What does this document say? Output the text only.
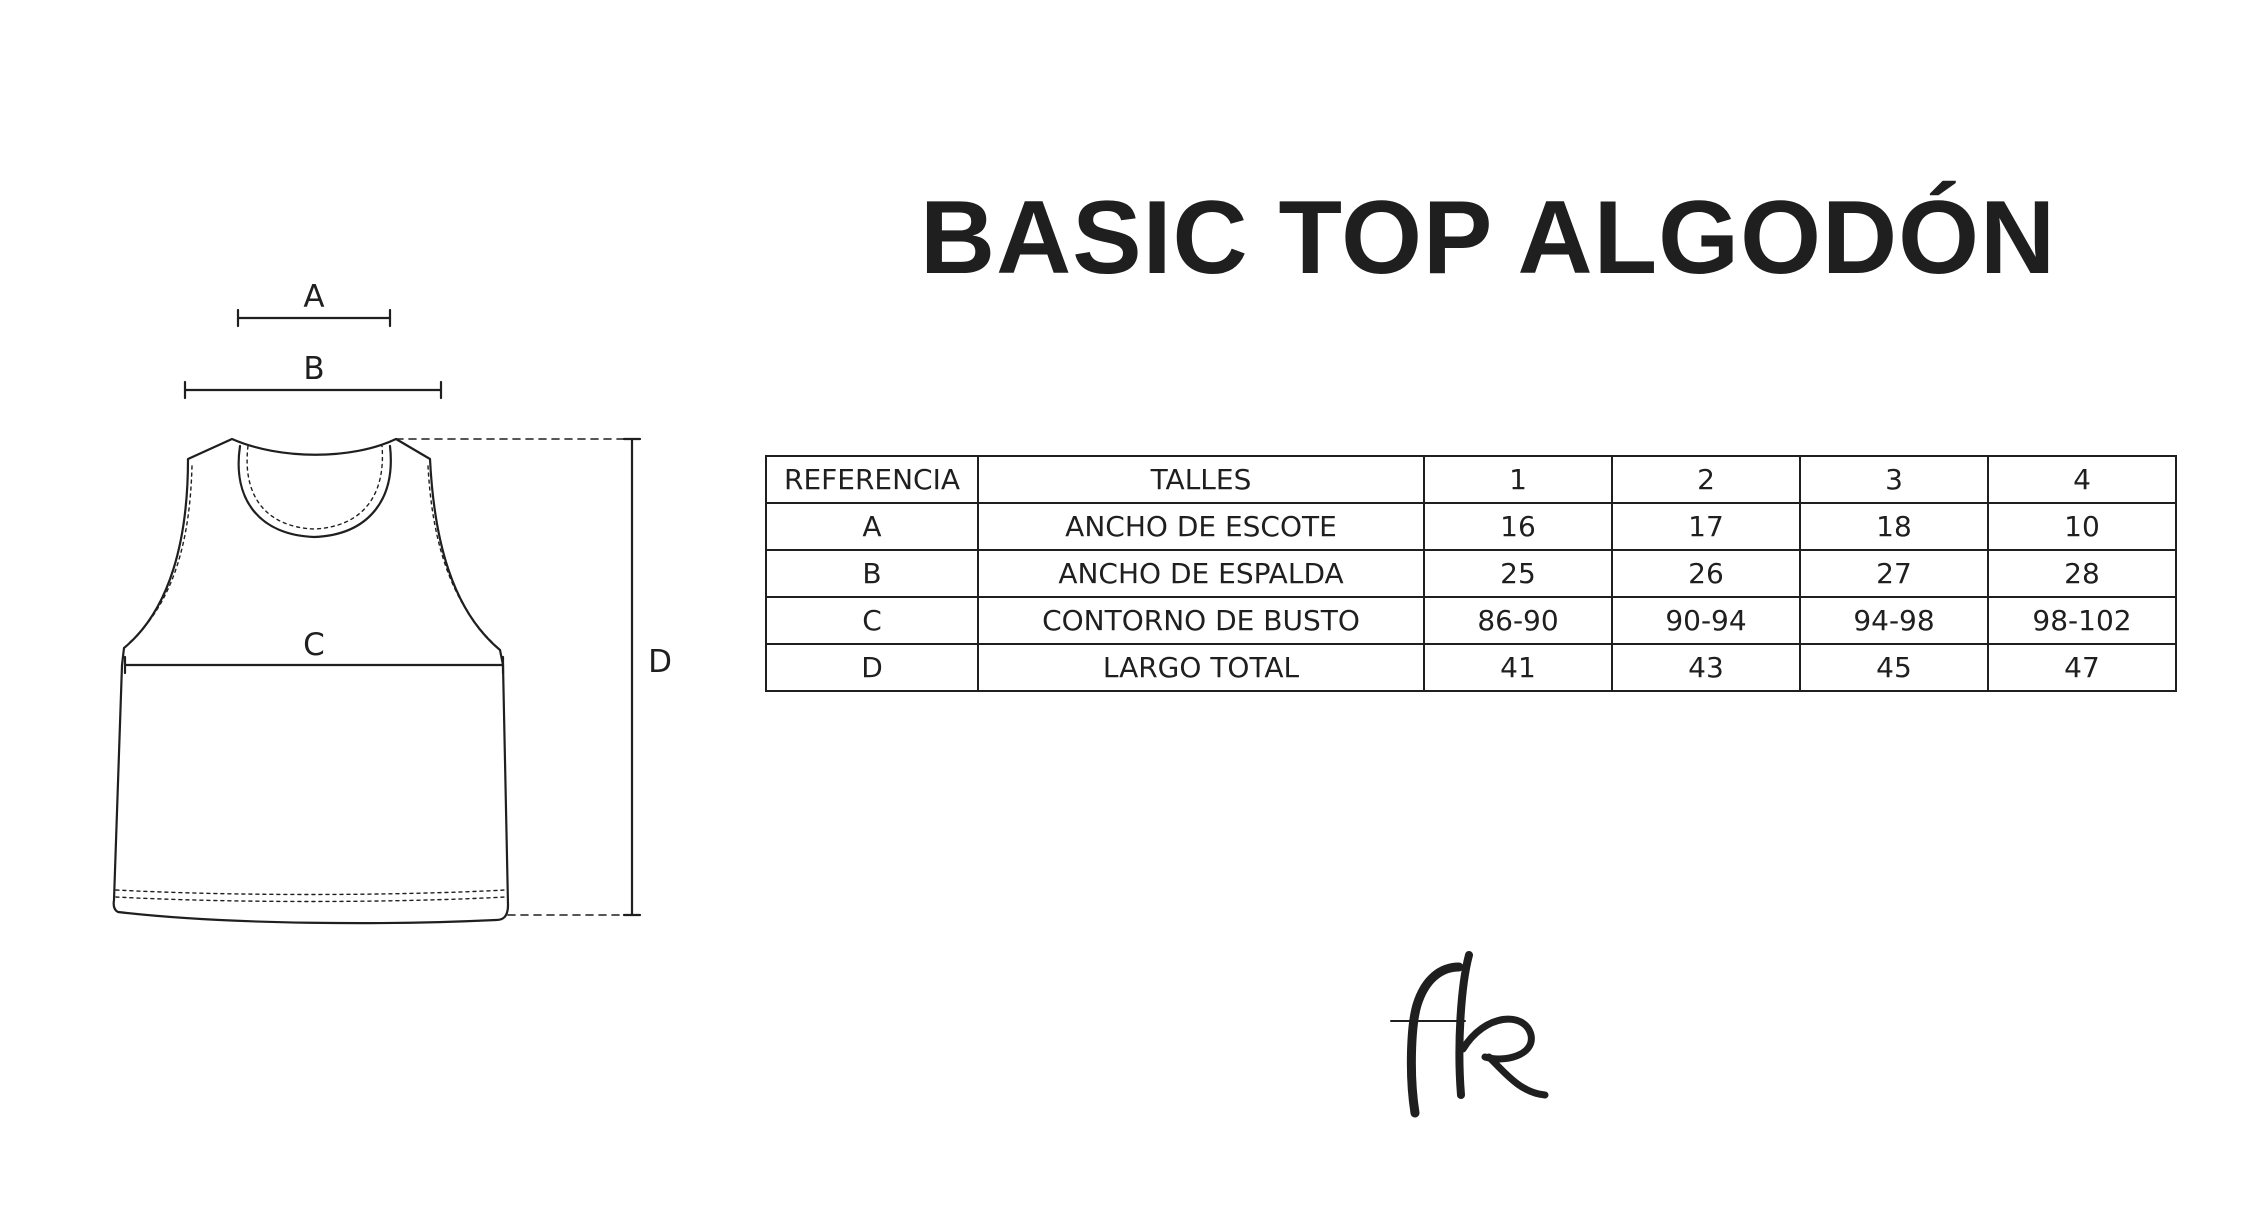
BASIC TOP ALGODÓN
A
B
C	D
REFERENCIA	TALLES	1	2	3	4
A	ANCHO DE ESCOTE	16	17	18	10
B	ANCHO DE ESPALDA	25	26	27	28
C	CONTORNO DE BUSTO	86-90	90-94	94-98	98-102
D	LARGO TOTAL	41	43	45	47
